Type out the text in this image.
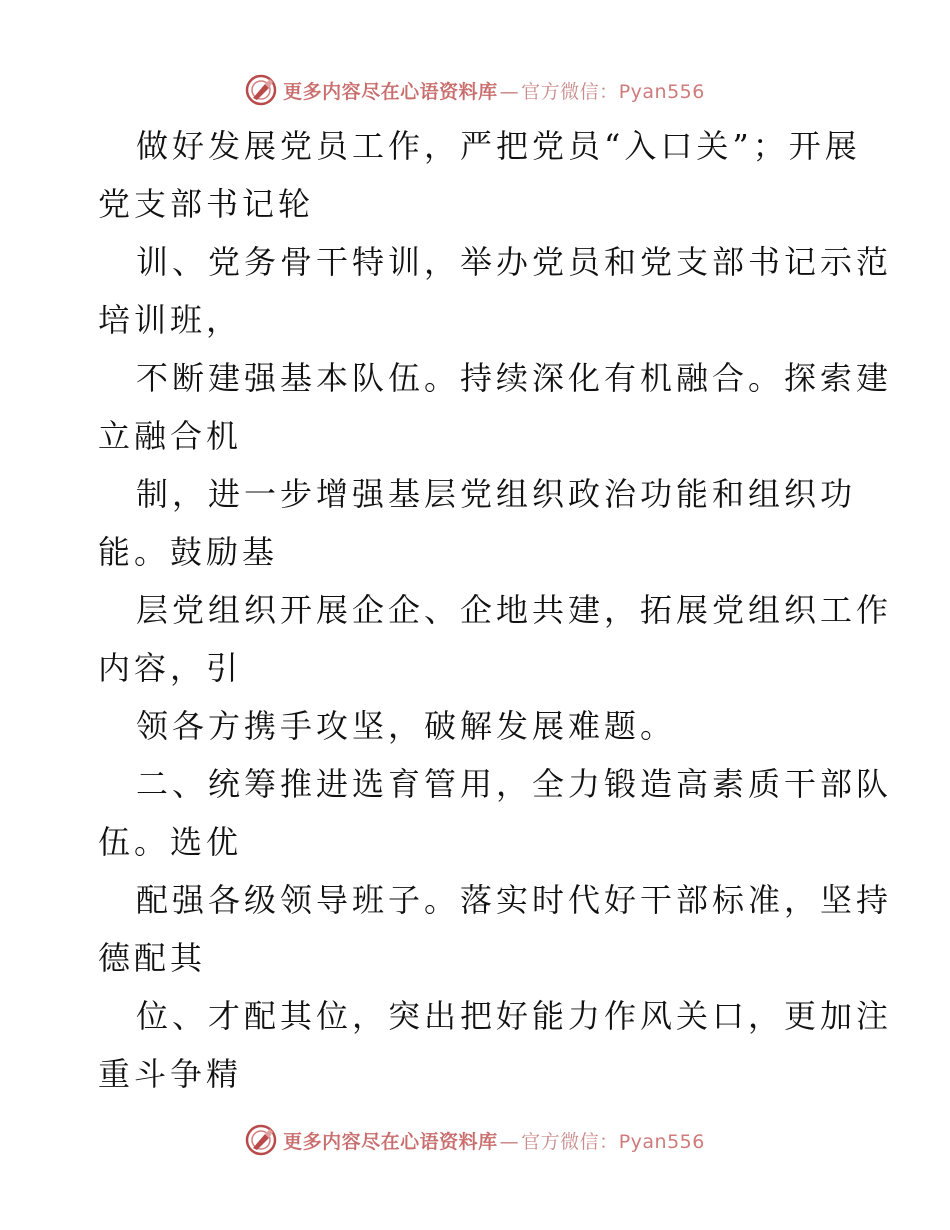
更多内容尽在心语资料库 — 官方微信：Pyan556
做好发展党员工作，严把党员“入口关”；开展
党支部书记轮
训、党务骨干特训，举办党员和党支部书记示范
培训班，
不断建强基本队伍。持续深化有机融合。探索建
立融合机
制，进一步增强基层党组织政治功能和组织功
能。鼓励基
层党组织开展企企、企地共建，拓展党组织工作
内容，引
领各方携手攻坚，破解发展难题。
二、统筹推进选育管用，全力锻造高素质干部队
伍。选优
配强各级领导班子。落实时代好干部标准，坚持
德配其
位、才配其位，突出把好能力作风关口，更加注
重斗争精
更多内容尽在心语资料库 — 官方微信：Pyan556
